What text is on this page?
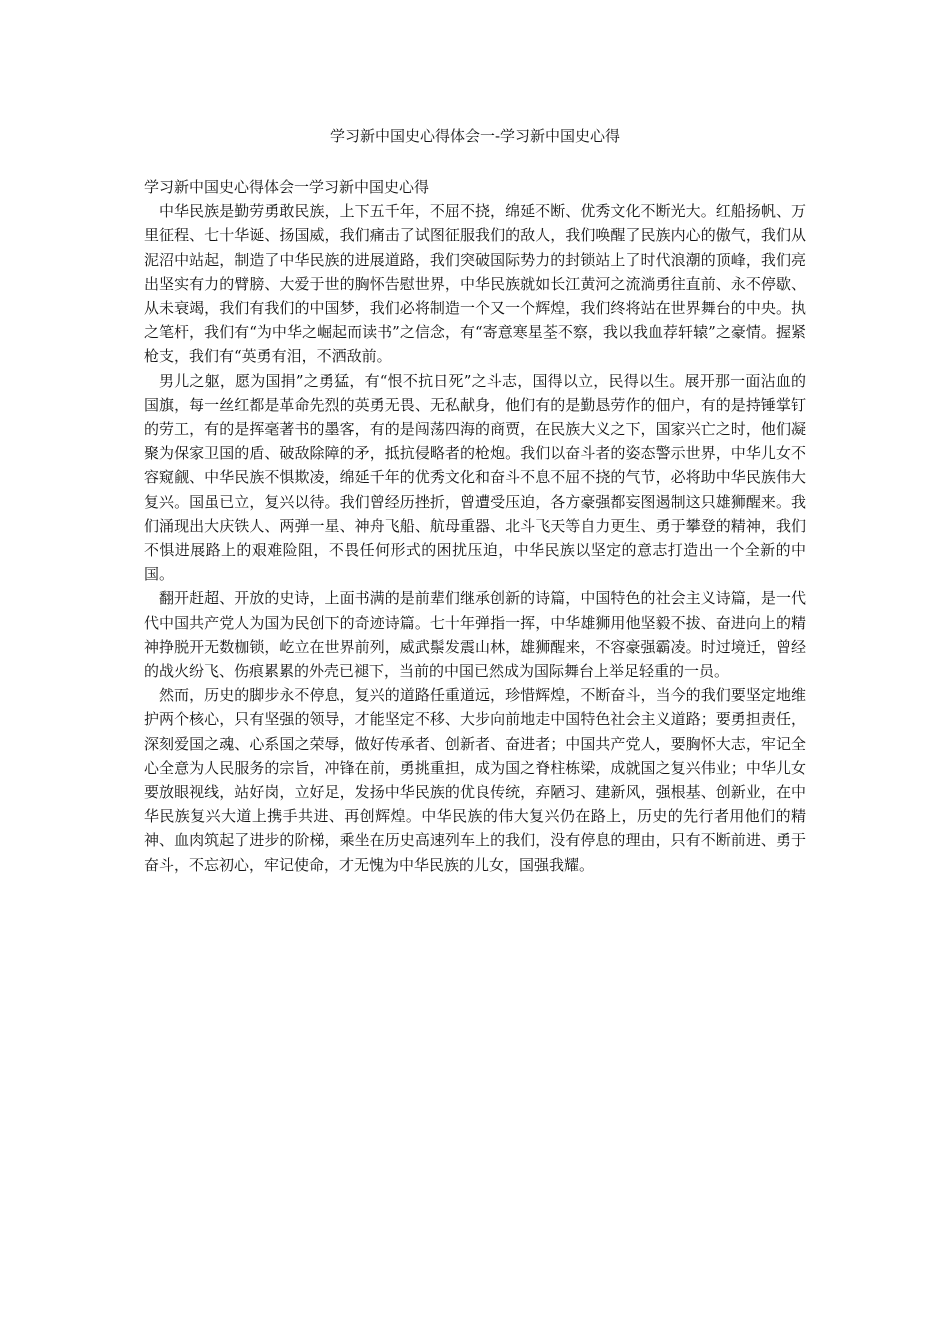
学习新中国史心得体会一-学习新中国史心得
学习新中国史心得体会一学习新中国史心得

中华民族是勤劳勇敢民族，上下五千年，不屈不挠，绵延不断、优秀文化不断光大。红船扬帆、万里征程、七十华诞、扬国威，我们痛击了试图征服我们的敌人，我们唤醒了民族内心的傲气，我们从泥沼中站起，制造了中华民族的进展道路，我们突破国际势力的封锁站上了时代浪潮的顶峰，我们亮出坚实有力的臂膀、大爱于世的胸怀告慰世界，中华民族就如长江黄河之流淌勇往直前、永不停歇、从未衰竭，我们有我们的中国梦，我们必将制造一个又一个辉煌，我们终将站在世界舞台的中央。执之笔杆，我们有“为中华之崛起而读书”之信念，有“寄意寒星荃不察，我以我血荐轩辕”之豪情。握紧枪支，我们有“英勇有泪，不洒敌前。

男儿之躯，愿为国捐”之勇猛，有“恨不抗日死”之斗志，国得以立，民得以生。展开那一面沾血的国旗，每一丝红都是革命先烈的英勇无畏、无私献身，他们有的是勤恳劳作的佃户，有的是持锤掌钉的劳工，有的是挥毫著书的墨客，有的是闯荡四海的商贾，在民族大义之下，国家兴亡之时，他们凝聚为保家卫国的盾、破敌除障的矛，抵抗侵略者的枪炮。我们以奋斗者的姿态警示世界，中华儿女不容窥觎、中华民族不惧欺凌，绵延千年的优秀文化和奋斗不息不屈不挠的气节，必将助中华民族伟大复兴。国虽已立，复兴以待。我们曾经历挫折，曾遭受压迫，各方豪强都妄图遏制这只雄狮醒来。我们涌现出大庆铁人、两弹一星、神舟飞船、航母重器、北斗飞天等自力更生、勇于攀登的精神，我们不惧进展路上的艰难险阻，不畏任何形式的困扰压迫，中华民族以坚定的意志打造出一个全新的中国。

翻开赶超、开放的史诗，上面书满的是前辈们继承创新的诗篇，中国特色的社会主义诗篇，是一代代中国共产党人为国为民创下的奇迹诗篇。七十年弹指一挥，中华雄狮用他坚毅不拔、奋进向上的精神挣脱开无数枷锁，屹立在世界前列，威武鬃发震山林，雄狮醒来，不容豪强霸凌。时过境迁，曾经的战火纷飞、伤痕累累的外壳已褪下，当前的中国已然成为国际舞台上举足轻重的一员。

然而，历史的脚步永不停息，复兴的道路任重道远，珍惜辉煌，不断奋斗，当今的我们要坚定地维护两个核心，只有坚强的领导，才能坚定不移、大步向前地走中国特色社会主义道路；要勇担责任，深刻爱国之魂、心系国之荣辱，做好传承者、创新者、奋进者；中国共产党人，要胸怀大志，牢记全心全意为人民服务的宗旨，冲锋在前，勇挑重担，成为国之脊柱栋梁，成就国之复兴伟业；中华儿女要放眼视线，站好岗，立好足，发扬中华民族的优良传统，弃陋习、建新风，强根基、创新业，在中华民族复兴大道上携手共进、再创辉煌。中华民族的伟大复兴仍在路上，历史的先行者用他们的精神、血肉筑起了进步的阶梯，乘坐在历史高速列车上的我们，没有停息的理由，只有不断前进、勇于奋斗，不忘初心，牢记使命，才无愧为中华民族的儿女，国强我耀。
